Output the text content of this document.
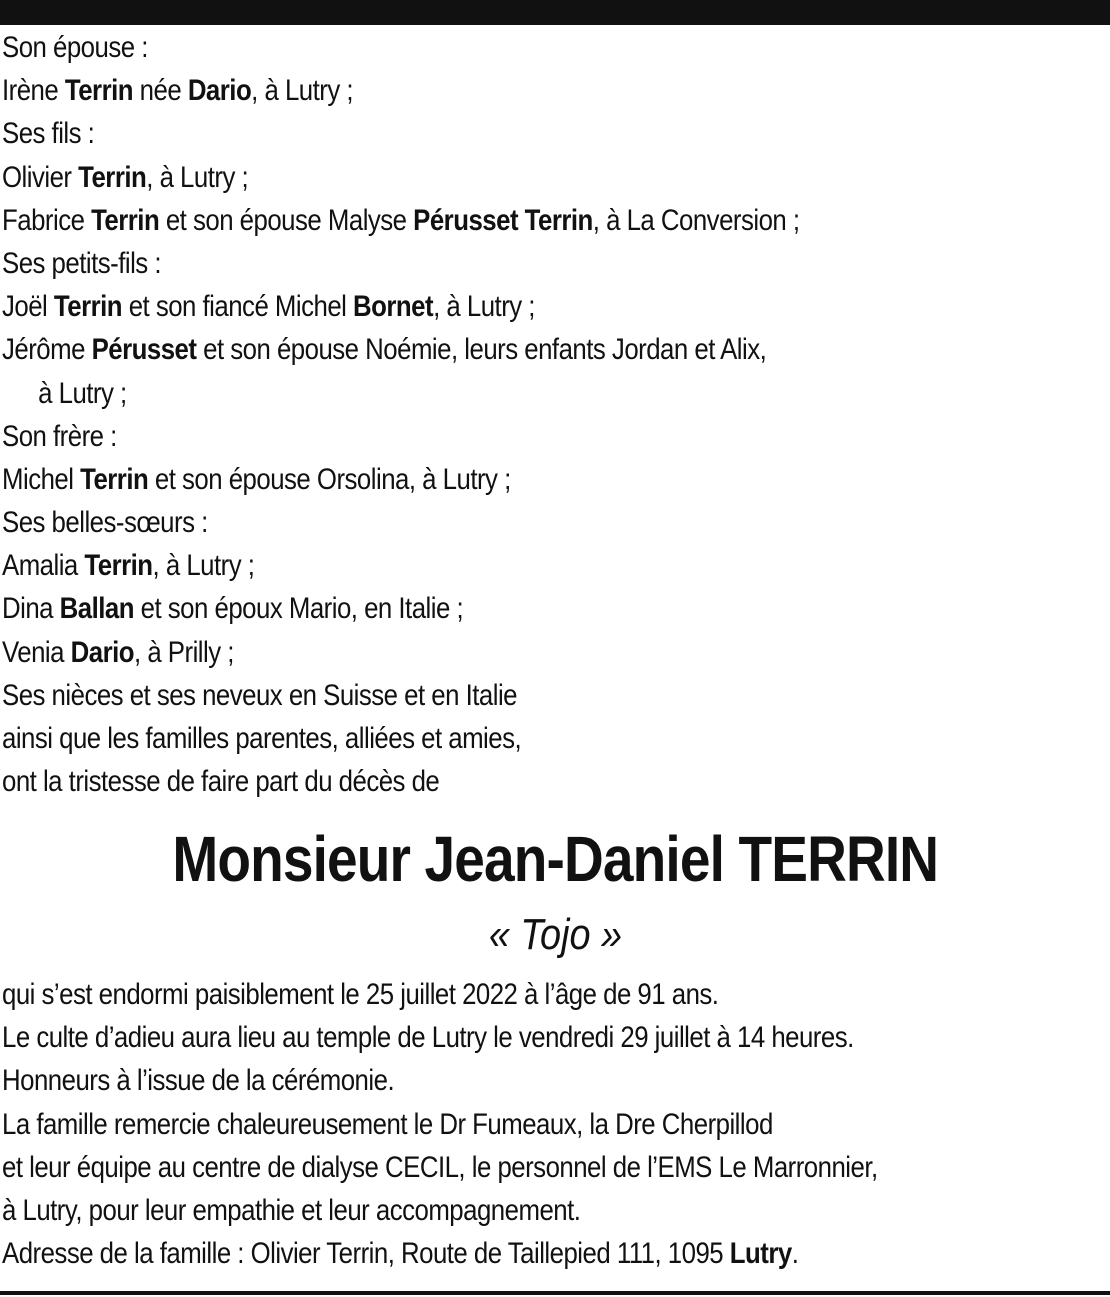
Son épouse :
Irène Terrin née Dario, à Lutry ;
Ses fils :
Olivier Terrin, à Lutry ;
Fabrice Terrin et son épouse Malyse Pérusset Terrin, à La Conversion ;
Ses petits-fils :
Joël Terrin et son fiancé Michel Bornet, à Lutry ;
Jérôme Pérusset et son épouse Noémie, leurs enfants Jordan et Alix,
à Lutry ;
Son frère :
Michel Terrin et son épouse Orsolina, à Lutry ;
Ses belles-sœurs :
Amalia Terrin, à Lutry ;
Dina Ballan et son époux Mario, en Italie ;
Venia Dario, à Prilly ;
Ses nièces et ses neveux en Suisse et en Italie
ainsi que les familles parentes, alliées et amies,
ont la tristesse de faire part du décès de
Monsieur Jean-Daniel TERRIN
« Tojo »
qui s’est endormi paisiblement le 25 juillet 2022 à l’âge de 91 ans.
Le culte d’adieu aura lieu au temple de Lutry le vendredi 29 juillet à 14 heures.
Honneurs à l’issue de la cérémonie.
La famille remercie chaleureusement le Dr Fumeaux, la Dre Cherpillod
et leur équipe au centre de dialyse CECIL, le personnel de l’EMS Le Marronnier,
à Lutry, pour leur empathie et leur accompagnement.
Adresse de la famille : Olivier Terrin, Route de Taillepied 111, 1095 Lutry.
